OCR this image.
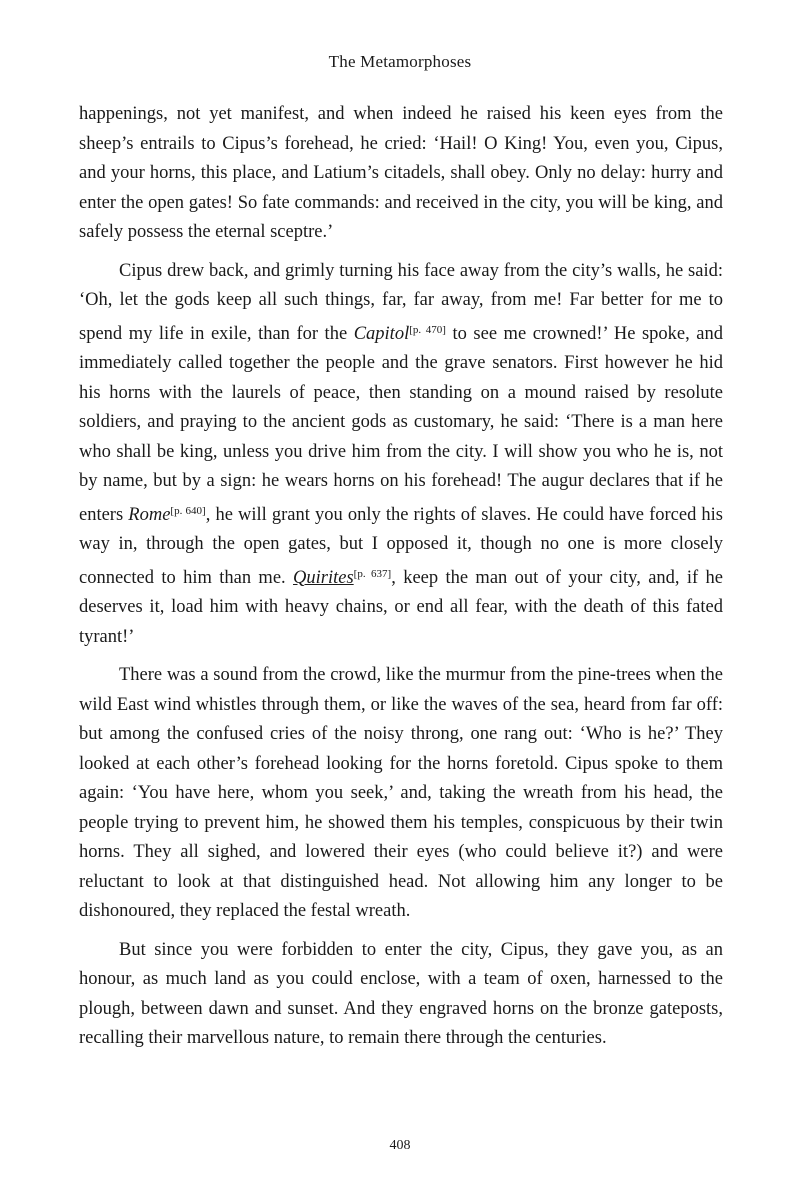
The Metamorphoses

happenings, not yet manifest, and when indeed he raised his keen eyes from the sheep’s entrails to Cipus’s forehead, he cried: ‘Hail! O King! You, even you, Cipus, and your horns, this place, and Latium’s citadels, shall obey. Only no delay: hurry and enter the open gates! So fate commands: and received in the city, you will be king, and safely possess the eternal sceptre.’

Cipus drew back, and grimly turning his face away from the city’s walls, he said: ‘Oh, let the gods keep all such things, far, far away, from me! Far better for me to spend my life in exile, than for the Capitol[p. 470] to see me crowned!’ He spoke, and immediately called together the people and the grave senators. First however he hid his horns with the laurels of peace, then standing on a mound raised by resolute soldiers, and praying to the ancient gods as customary, he said: ‘There is a man here who shall be king, unless you drive him from the city. I will show you who he is, not by name, but by a sign: he wears horns on his forehead! The augur declares that if he enters Rome[p. 640], he will grant you only the rights of slaves. He could have forced his way in, through the open gates, but I opposed it, though no one is more closely connected to him than me. Quirites[p. 637], keep the man out of your city, and, if he deserves it, load him with heavy chains, or end all fear, with the death of this fated tyrant!’

There was a sound from the crowd, like the murmur from the pine-trees when the wild East wind whistles through them, or like the waves of the sea, heard from far off: but among the confused cries of the noisy throng, one rang out: ‘Who is he?’ They looked at each other’s forehead looking for the horns foretold. Cipus spoke to them again: ‘You have here, whom you seek,’ and, taking the wreath from his head, the people trying to prevent him, he showed them his temples, conspicuous by their twin horns. They all sighed, and lowered their eyes (who could believe it?) and were reluctant to look at that distinguished head. Not allowing him any longer to be dishonoured, they replaced the festal wreath.

But since you were forbidden to enter the city, Cipus, they gave you, as an honour, as much land as you could enclose, with a team of oxen, harnessed to the plough, between dawn and sunset. And they engraved horns on the bronze gateposts, recalling their marvellous nature, to remain there through the centuries.

408
